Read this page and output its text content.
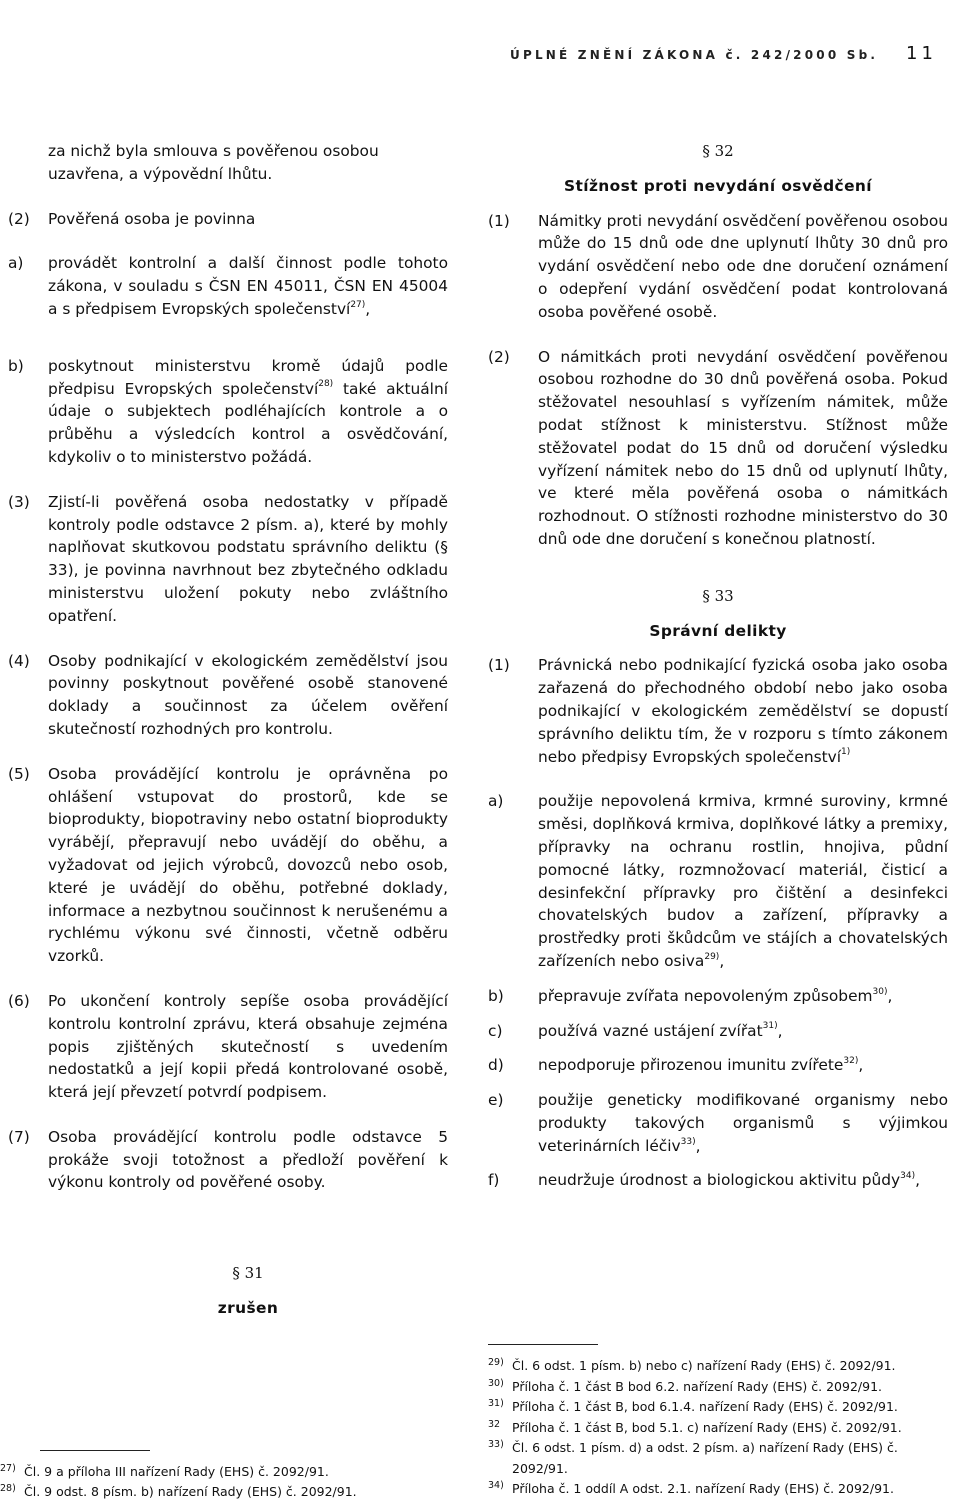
ÚPLNÉ ZNĚNÍ ZÁKONA č. 242/2000 Sb. 11

za nichž byla smlouva s pověřenou osobou

uzavřena, a výpovědní lhůtu.

(2) Pověřená osoba je povinna
a) provádět kontrolní a další činnost podle tohoto zákona, v souladu s ČSN EN 45011, ČSN EN 45004 a s předpisem Evropských společenství$^{27)}$,
b) poskytnout ministerstvu kromě údajů podle předpisu Evropských společenství$^{28)}$ také aktuální údaje o subjektech podléhajících kontrole a o průběhu a výsledcích kontrol a osvědčování, kdykoliv o to ministerstvo požádá.
(3) Zjistí-li pověřená osoba nedostatky v případě kontroly podle odstavce 2 písm. a), které by mohly naplňovat skutkovou podstatu správního deliktu (§ 33), je povinna navrhnout bez zbytečného odkladu ministerstvu uložení pokuty nebo zvláštního opatření.
(4) Osoby podnikající v ekologickém zemědělství jsou povinny poskytnout pověřené osobě stanovené doklady a součinnost za účelem ověření skutečností rozhodných pro kontrolu.
(5) Osoba provádějící kontrolu je oprávněna po ohlášení vstupovat do prostorů, kde se bioprodukty, biopotraviny nebo ostatní bioprodukty vyrábějí, přepravují nebo uvádějí do oběhu, a vyžadovat od jejich výrobců, dovozců nebo osob, které je uvádějí do oběhu, potřebné doklady, informace a nezbytnou součinnost k nerušenému a rychlému výkonu své činnosti, včetně odběru vzorků.
(6) Po ukončení kontroly sepíše osoba provádějící kontrolu kontrolní zprávu, která obsahuje zejména popis zjištěných skutečností s uvedením nedostatků a její kopii předá kontrolované osobě, která její převzetí potvrdí podpisem.
(7) Osoba provádějící kontrolu podle odstavce 5 prokáže svoji totožnost a předloží pověření k výkonu kontroly od pověřené osoby.
§ 31
zrušen
27) Čl. 9 a příloha III nařízení Rady (EHS) č. 2092/91.
28) Čl. 9 odst. 8 písm. b) nařízení Rady (EHS) č. 2092/91.
§ 32
Stížnost proti nevydání osvědčení
(1) Námitky proti nevydání osvědčení pověřenou osobou může do 15 dnů ode dne uplynutí lhůty 30 dnů pro vydání osvědčení nebo ode dne doručení oznámení o odepření vydání osvědčení podat kontrolovaná osoba pověřené osobě.
(2) O námitkách proti nevydání osvědčení pověřenou osobou rozhodne do 30 dnů pověřená osoba. Pokud stěžovatel nesouhlasí s vyřízením námitek, může podat stížnost k ministerstvu. Stížnost může stěžovatel podat do 15 dnů od doručení výsledku vyřízení námitek nebo do 15 dnů od uplynutí lhůty, ve které měla pověřená osoba o námitkách rozhodnout. O stížnosti rozhodne ministerstvo do 30 dnů ode dne doručení s konečnou platností.
§ 33
Správní delikty
(1) Právnická nebo podnikající fyzická osoba jako osoba zařazená do přechodného období nebo jako osoba podnikající v ekologickém zemědělství se dopustí správního deliktu tím, že v rozporu s tímto zákonem nebo předpisy Evropských společenství$^{1)}$
a) použije nepovolená krmiva, krmné suroviny, krmné směsi, doplňková krmiva, doplňkové látky a premixy, přípravky na ochranu rostlin, hnojiva, půdní pomocné látky, rozmnožovací materiál, čisticí a desinfekční přípravky pro čištění a desinfekci chovatelských budov a zařízení, přípravky a prostředky proti škůdcům ve stájích a chovatelských zařízeních nebo osiva$^{29)}$,
b) přepravuje zvířata nepovoleným způsobem$^{30)}$,
c) používá vazné ustájení zvířat$^{31)}$,
d) nepodporuje přirozenou imunitu zvířete$^{32)}$,
e) použije geneticky modifikované organismy nebo produkty takových organismů s výjimkou veterinárních léčiv$^{33)}$,
f)	neudržuje úrodnost a biologickou aktivitu půdy$^{34)}$,
29) Čl. 6 odst. 1 písm. b) nebo c) nařízení Rady (EHS) č. 2092/91.
30) Příloha č. 1 část B bod 6.2. nařízení Rady (EHS) č. 2092/91.
31) Příloha č. 1 část B, bod 6.1.4. nařízení Rady (EHS) č. 2092/91.
32 Příloha č. 1 část B, bod 5.1. c) nařízení Rady (EHS) č. 2092/91.
33) Čl. 6 odst. 1 písm. d) a odst. 2 písm. a) nařízení Rady (EHS) č. 2092/91.
34) Příloha č. 1 oddíl A odst. 2.1. nařízení Rady (EHS) č. 2092/91.
